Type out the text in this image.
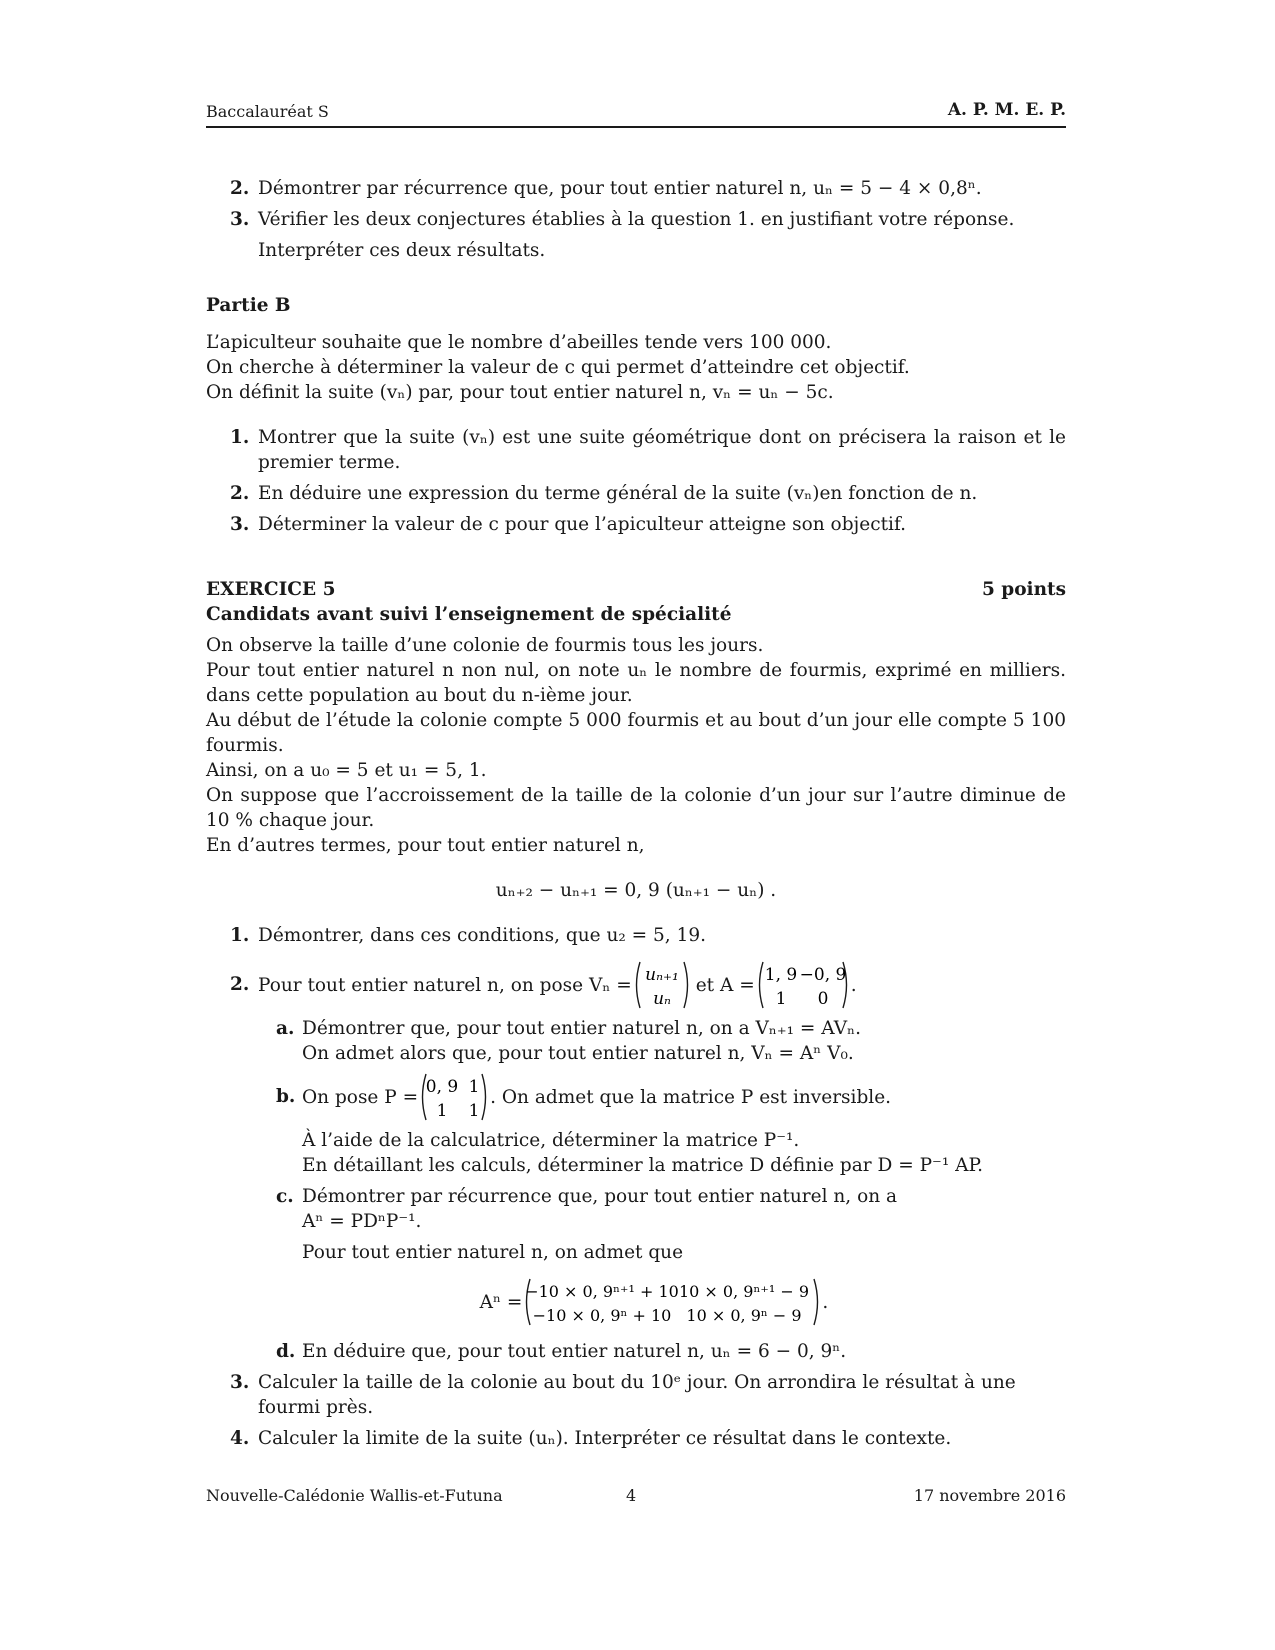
Baccalauréat S	A. P. M. E. P.
2. Démontrer par récurrence que, pour tout entier naturel n, uₙ = 5 − 4 × 0,8ⁿ.

3. Vérifier les deux conjectures établies à la question 1. en justifiant votre réponse.

Interpréter ces deux résultats.

Partie B

L’apiculteur souhaite que le nombre d’abeilles tende vers 100 000.

On cherche à déterminer la valeur de c qui permet d’atteindre cet objectif.

On définit la suite (vₙ) par, pour tout entier naturel n, vₙ = uₙ − 5c.

1. Montrer que la suite (vₙ) est une suite géométrique dont on précisera la raison et le premier terme.

2. En déduire une expression du terme général de la suite (vₙ)en fonction de n.

3. Déterminer la valeur de c pour que l’apiculteur atteigne son objectif.

EXERCICE 5	5 points

Candidats avant suivi l’enseignement de spécialité

On observe la taille d’une colonie de fourmis tous les jours.

Pour tout entier naturel n non nul, on note uₙ le nombre de fourmis, exprimé en milliers. dans cette population au bout du n-ième jour.

Au début de l’étude la colonie compte 5 000 fourmis et au bout d’un jour elle compte 5 100 fourmis.

Ainsi, on a u₀ = 5 et u₁ = 5, 1.

On suppose que l’accroissement de la taille de la colonie d’un jour sur l’autre diminue de 10 % chaque jour.

En d’autres termes, pour tout entier naturel n,

uₙ₊₂ − uₙ₊₁ = 0, 9 (uₙ₊₁ − uₙ) .

1. Démontrer, dans ces conditions, que u₂ = 5, 19.

2. Pour tout entier naturel n, on pose Vₙ = uₙ₊₁
uₙ
et A = 1, 9 −0, 9
1 0
.
a. Démontrer que, pour tout entier naturel n, on a Vₙ₊₁ = AVₙ.

On admet alors que, pour tout entier naturel n, Vₙ = Aⁿ V₀.

b. On pose P = 0, 9 1
1 1
. On admet que la matrice P est inversible.

À l’aide de la calculatrice, déterminer la matrice P⁻¹.

En détaillant les calculs, déterminer la matrice D définie par D = P⁻¹ AP.

c. Démontrer par récurrence que, pour tout entier naturel n, on a

Aⁿ = PDⁿP⁻¹.

Pour tout entier naturel n, on admet que

Aⁿ = −10 × 0, 9ⁿ⁺¹ + 10 10 × 0, 9ⁿ⁺¹ − 9
−10 × 0, 9ⁿ + 10 10 × 0, 9ⁿ − 9
.
d. En déduire que, pour tout entier naturel n, uₙ = 6 − 0, 9ⁿ.

3. Calculer la taille de la colonie au bout du 10ᵉ jour. On arrondira le résultat à une fourmi près.

4. Calculer la limite de la suite (uₙ). Interpréter ce résultat dans le contexte.

Nouvelle-Calédonie Wallis-et-Futuna	4	17 novembre 2016
